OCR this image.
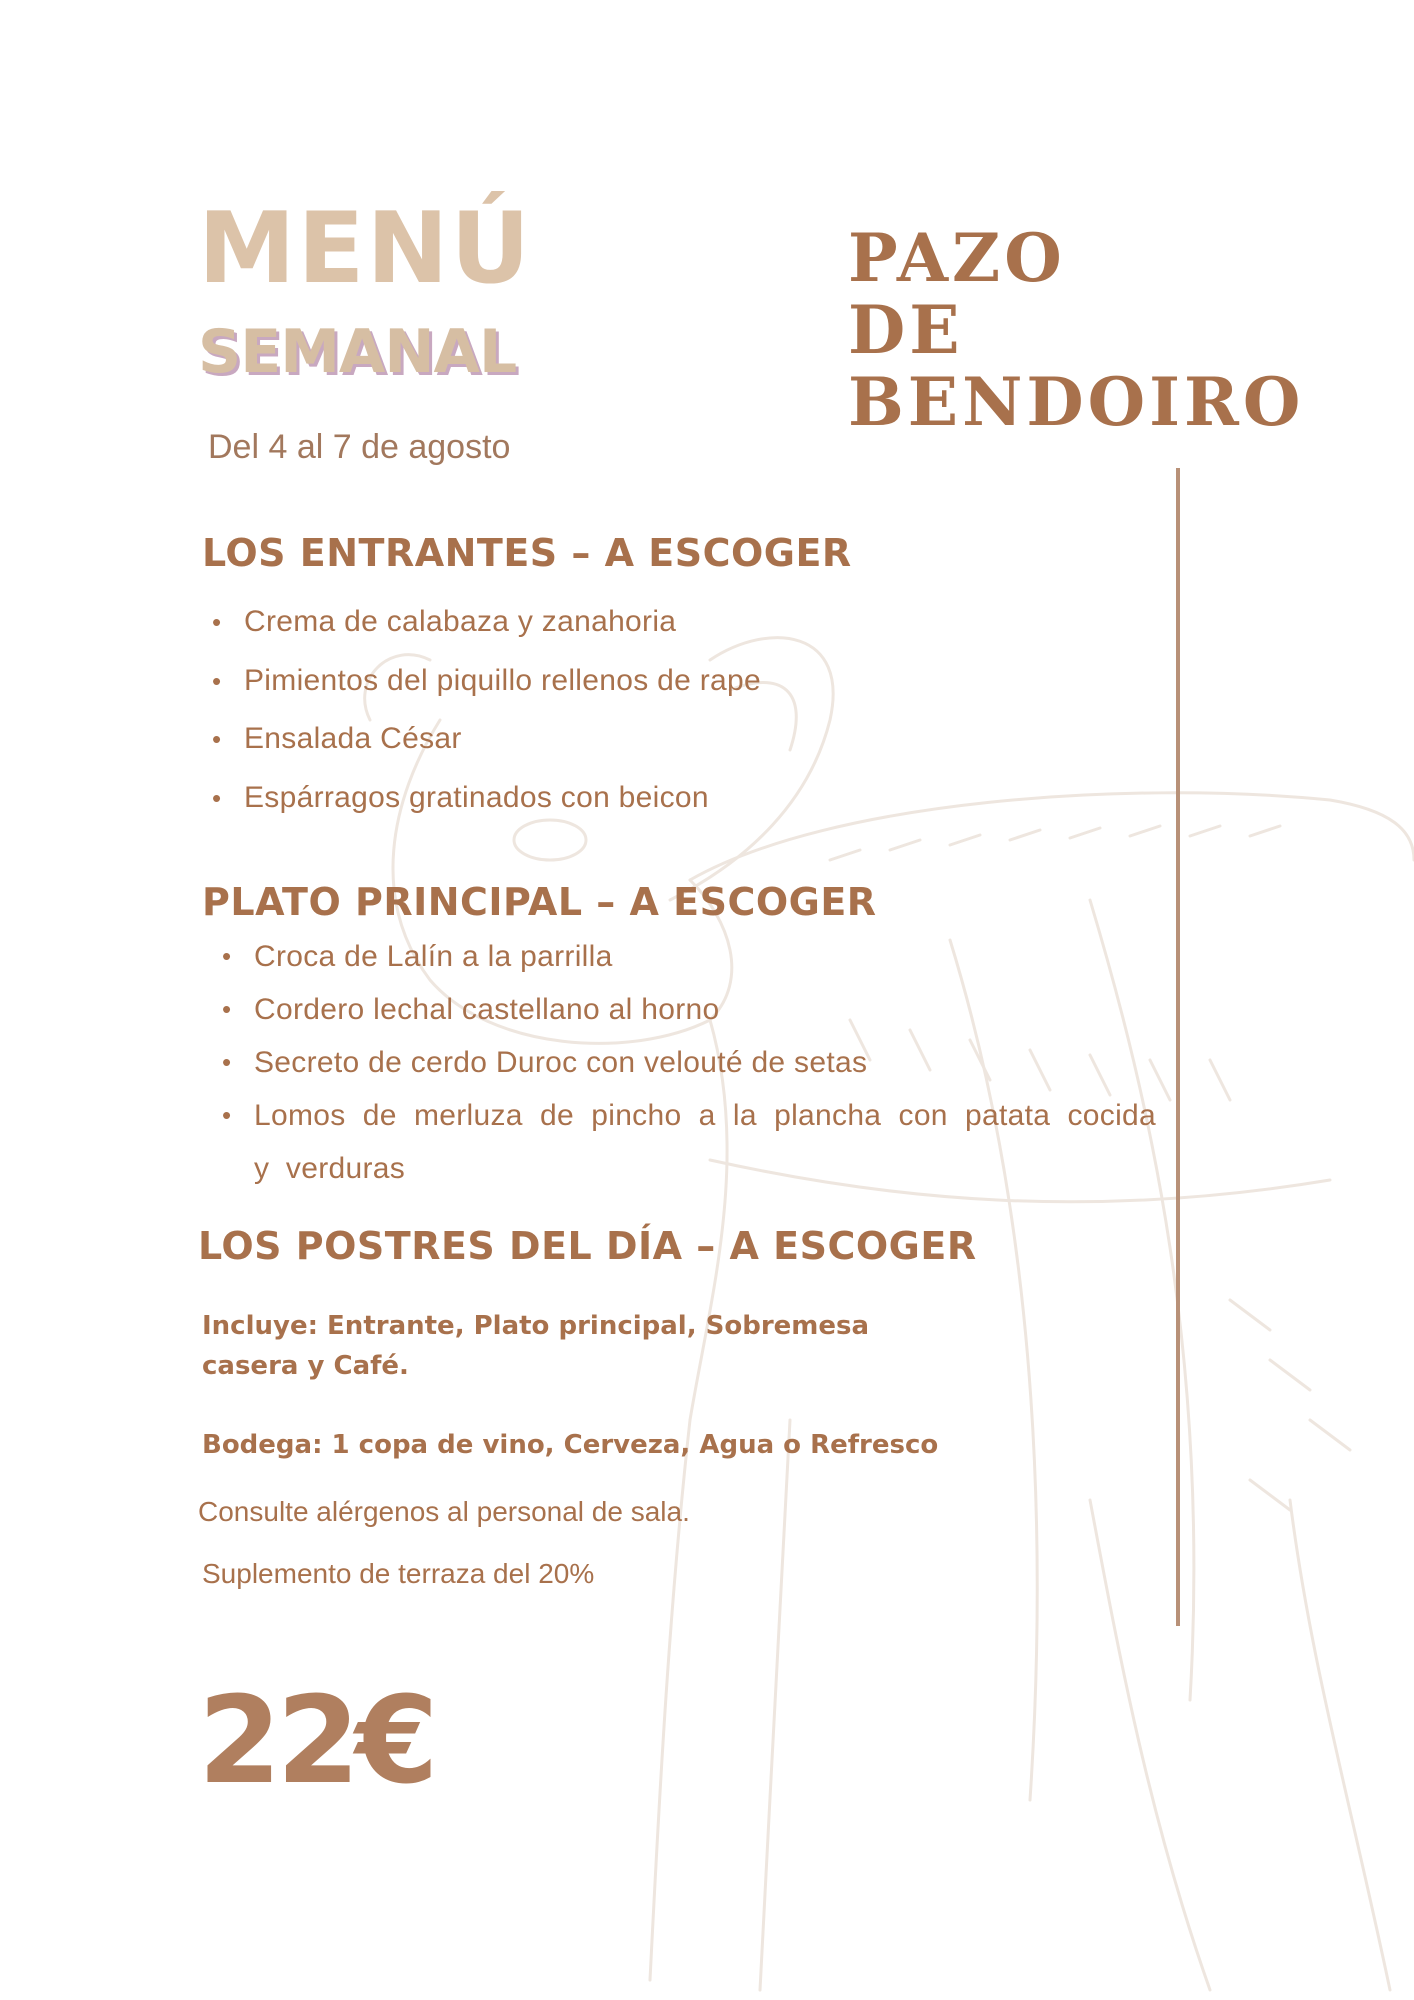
MENÚ
SEMANAL
PAZO DE
BENDOIRO
Del 4 al 7 de agosto
LOS ENTRANTES – A ESCOGER
• Crema de calabaza y zanahoria
• Pimientos del piquillo rellenos de rape
• Ensalada César
• Espárragos gratinados con beicon
PLATO PRINCIPAL – A ESCOGER
• Croca de Lalín a la parrilla
• Cordero lechal castellano al horno
• Secreto de cerdo Duroc con velouté de setas
• Lomos de merluza de pincho a la plancha con patata cocida y verduras
LOS POSTRES DEL DÍA – A ESCOGER
Incluye: Entrante, Plato principal, Sobremesa
casera y Café.
Bodega: 1 copa de vino, Cerveza, Agua o Refresco
Consulte alérgenos al personal de sala.
Suplemento de terraza del 20%
22€
